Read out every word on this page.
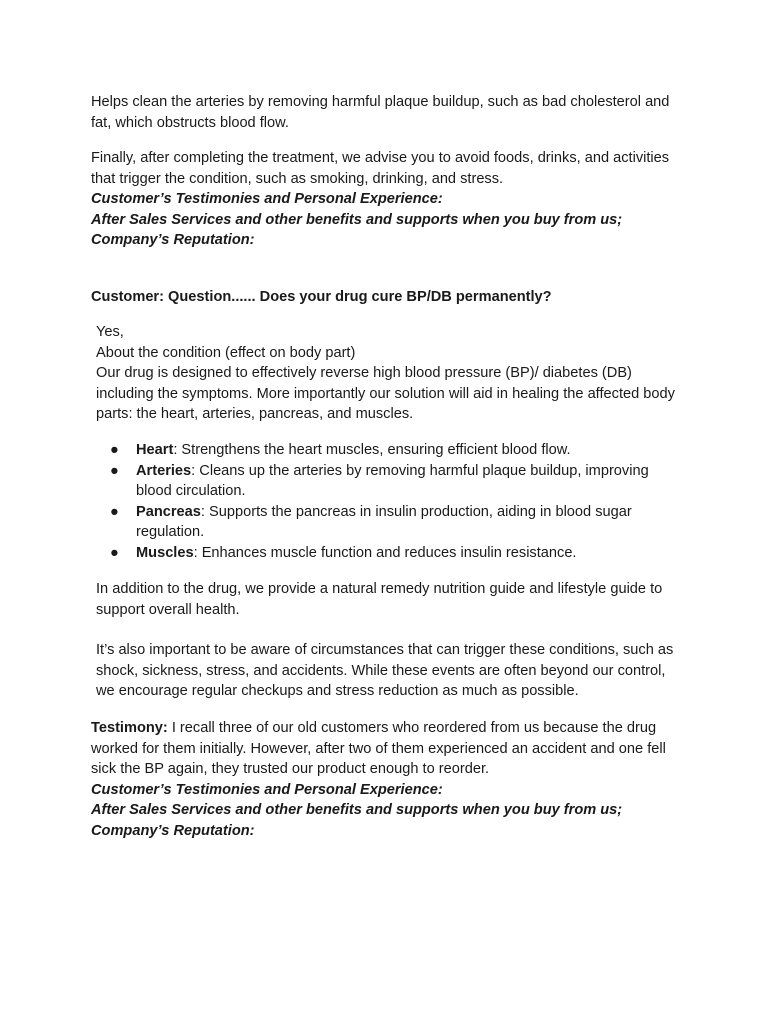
Helps clean the arteries by removing harmful plaque buildup, such as bad cholesterol and fat, which obstructs blood flow.

Finally, after completing the treatment, we advise you to avoid foods, drinks, and activities that trigger the condition, such as smoking, drinking, and stress.
Customer’s Testimonies and Personal Experience:
After Sales Services and other benefits and supports when you buy from us;
Company’s Reputation:

Customer: Question...... Does your drug cure BP/DB permanently?

Yes,
About the condition (effect on body part)
Our drug is designed to effectively reverse high blood pressure (BP)/ diabetes (DB) including the symptoms. More importantly our solution will aid in healing the affected body parts: the heart, arteries, pancreas, and muscles.
● Heart: Strengthens the heart muscles, ensuring efficient blood flow.
● Arteries: Cleans up the arteries by removing harmful plaque buildup, improving blood circulation.
● Pancreas: Supports the pancreas in insulin production, aiding in blood sugar regulation.
● Muscles: Enhances muscle function and reduces insulin resistance.

In addition to the drug, we provide a natural remedy nutrition guide and lifestyle guide to support overall health.

It’s also important to be aware of circumstances that can trigger these conditions, such as shock, sickness, stress, and accidents. While these events are often beyond our control, we encourage regular checkups and stress reduction as much as possible.

Testimony: I recall three of our old customers who reordered from us because the drug worked for them initially. However, after two of them experienced an accident and one fell sick the BP again, they trusted our product enough to reorder.
Customer’s Testimonies and Personal Experience:
After Sales Services and other benefits and supports when you buy from us;
Company’s Reputation:
